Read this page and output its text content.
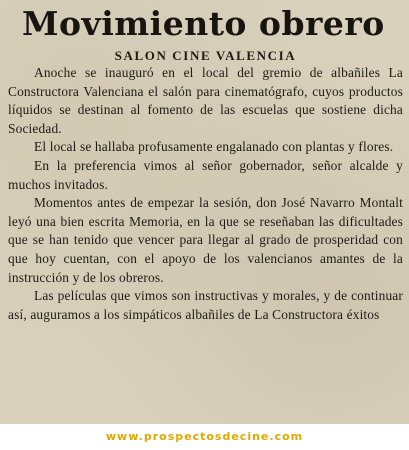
Movimiento obrero
SALON CINE VALENCIA

Anoche se inauguró en el local del gremio de albañiles La Constructora Valenciana el salón para cinematógrafo, cuyos productos líquidos se destinan al fomento de las escuelas que sostiene dicha Sociedad.

El local se hallaba profusamente engalanado con plantas y flores.

En la preferencia vimos al señor gobernador, señor alcalde y muchos invitados.

Momentos antes de empezar la sesión, don José Navarro Montalt leyó una bien escrita Memoria, en la que se reseñaban las dificultades que se han tenido que vencer para llegar al grado de prosperidad con que hoy cuentan, con el apoyo de los valencianos amantes de la instrucción y de los obreros.

Las películas que vimos son instructivas y morales, y de continuar así, auguramos a los simpáticos albañiles de La Constructora éxitos

www.prospectosdecine.com
